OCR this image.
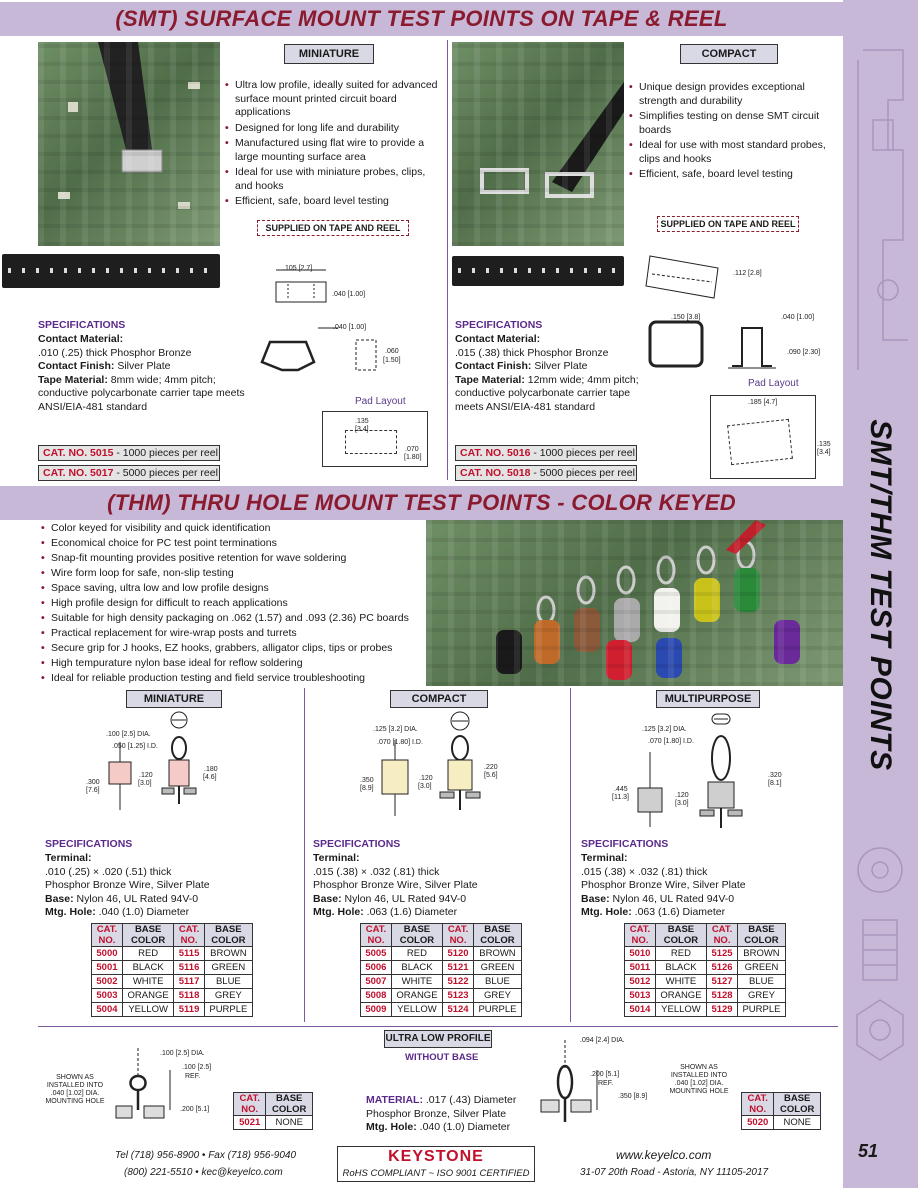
SMT/THM TEST POINTS
51
(SMT) SURFACE MOUNT TEST POINTS ON TAPE & REEL
MINIATURE
• Ultra low profile, ideally suited for advanced surface mount printed circuit board applications
• Designed for long life and durability
• Manufactured using flat wire to provide a large mounting surface area
• Ideal for use with miniature probes, clips, and hooks
• Efficient, safe, board level testing
SUPPLIED ON TAPE AND REEL
.105 [2.7]
.040 [1.00]
.040 [1.00]
.060
[1.50]
Pad Layout
.135
[3.4]
.070
[1.80]
SPECIFICATIONS
Contact Material:
.010 (.25) thick Phosphor Bronze
Contact Finish: Silver Plate
Tape Material: 8mm wide; 4mm pitch;
conductive polycarbonate carrier tape meets
ANSI/EIA-481 standard
CAT. NO. 5015 - 1000 pieces per reel
CAT. NO. 5017 - 5000 pieces per reel
COMPACT
• Unique design provides exceptional strength and durability
• Simplifies testing on dense SMT circuit boards
• Ideal for use with most standard probes, clips and hooks
• Efficient, safe, board level testing
SUPPLIED ON TAPE AND REEL
.112 [2.8]
.150 [3.8]	.040 [1.00]
.090 [2.30]
Pad Layout
.185 [4.7]
.135
[3.4]
SPECIFICATIONS
Contact Material:
.015 (.38) thick Phosphor Bronze
Contact Finish: Silver Plate
Tape Material: 12mm wide; 4mm pitch;
conductive polycarbonate carrier tape
meets ANSI/EIA-481 standard
CAT. NO. 5016 - 1000 pieces per reel
CAT. NO. 5018 - 5000 pieces per reel
(THM) THRU HOLE MOUNT TEST POINTS - COLOR KEYED
• Color keyed for visibility and quick identification
• Economical choice for PC test point terminations
• Snap-fit mounting provides positive retention for wave soldering
• Wire form loop for safe, non-slip testing
• Space saving, ultra low and low profile designs
• High profile design for difficult to reach applications
• Suitable for high density packaging on .062 (1.57) and .093 (2.36) PC boards
• Practical replacement for wire-wrap posts and turrets
• Secure grip for J hooks, EZ hooks, grabbers, alligator clips, tips or probes
• High tempurature nylon base ideal for reflow soldering
• Ideal for reliable production testing and field service troubleshooting
MINIATURE	COMPACT	MULTIPURPOSE
.100 [2.5] DIA.
.050 [1.25] I.D.
.180
[4.6]
.300
[7.6]
.120
[3.0]
.125 [3.2] DIA.
.070 [1.80] I.D.
.220
[5.6]
.350
[8.9]
.120
[3.0]
.125 [3.2] DIA.
.070 [1.80] I.D.
.320
[8.1]
.445
[11.3]	.120
[3.0]
SPECIFICATIONS
Terminal:
.010 (.25) × .020 (.51) thick
Phosphor Bronze Wire, Silver Plate
Base: Nylon 46, UL Rated 94V-0
Mtg. Hole: .040 (1.0) Diameter
SPECIFICATIONS
Terminal:
.015 (.38) × .032 (.81) thick
Phosphor Bronze Wire, Silver Plate
Base: Nylon 46, UL Rated 94V-0
Mtg. Hole: .063 (1.6) Diameter
SPECIFICATIONS
Terminal:
.015 (.38) × .032 (.81) thick
Phosphor Bronze Wire, Silver Plate
Base: Nylon 46, UL Rated 94V-0
Mtg. Hole: .063 (1.6) Diameter
CAT.
NO.	BASE
COLOR	CAT.
NO.	BASE
COLOR
5000	RED	5115	BROWN
5001	BLACK	5116	GREEN
5002	WHITE	5117	BLUE
5003	ORANGE	5118	GREY
5004	YELLOW	5119	PURPLE
CAT.
NO.	BASE
COLOR	CAT.
NO.	BASE
COLOR
5005	RED	5120	BROWN
5006	BLACK	5121	GREEN
5007	WHITE	5122	BLUE
5008	ORANGE	5123	GREY
5009	YELLOW	5124	PURPLE
CAT.
NO.	BASE
COLOR	CAT.
NO.	BASE
COLOR
5010	RED	5125	BROWN
5011	BLACK	5126	GREEN
5012	WHITE	5127	BLUE
5013	ORANGE	5128	GREY
5014	YELLOW	5129	PURPLE
ULTRA LOW PROFILE
WITHOUT BASE
MATERIAL: .017 (.43) Diameter
Phosphor Bronze, Silver Plate
Mtg. Hole: .040 (1.0) Diameter
SHOWN AS
INSTALLED INTO
.040 [1.02] DIA.
MOUNTING HOLE
.100 [2.5] DIA.
.100 [2.5]
REF.
.200 [5.1]
CAT.
NO.	BASE
COLOR
5021	NONE
.094 [2.4] DIA.
.200 [5.1]
REF.
.350 [8.9]
SHOWN AS
INSTALLED INTO
.040 [1.02] DIA.
MOUNTING HOLE
CAT.
NO.	BASE
COLOR
5020	NONE
Tel (718) 956-8900 • Fax (718) 956-9040
(800) 221-5510 • kec@keyelco.com
KEYSTONE
RoHS COMPLIANT ~ ISO 9001 CERTIFIED
www.keyelco.com
31-07 20th Road - Astoria, NY 11105-2017
